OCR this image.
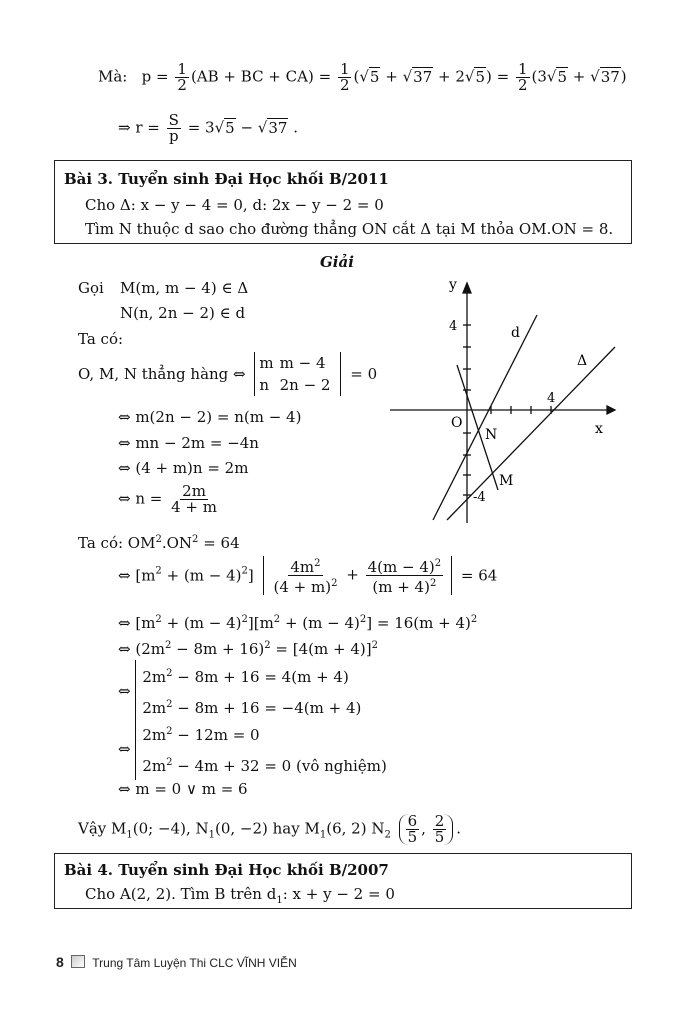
Mà: $p = \frac{1}{2} (AB$ + BC + $CA) = \frac{1}{2} (√5 + √37 + 2√5) = \frac{1}{2} (3√5 + √37)$
⇒ $r = \frac{S}{p} = 3√5 - √37$ .
Bài 3. Tuyển sinh Đại Học khối B/2011
Cho Δ: x − y − 4 = 0, d: 2x − y − 2 = 0
Tìm N thuộc d sao cho đường thẳng ON cắt Δ tại M thỏa OM.ON = 8.
Giải
Gọi M(m, m − 4) ∈ Δ
N(n, 2n − 2) ∈ d
Ta có:
O, M, N thẳng hàng ⇔
m	m − 4
n	2n − 2
= 0
⇔ m(2n − 2) = n(m − 4)
⇔ mn − 2m = −4n
⇔ (4 + m)n = 2m
⇔ $n = \frac{2m}{4 + m}$
Ta có: $OM^2.ON^2 = 64$
⇔ $[m^2 + (m - 4)^2] \frac{4m^2}{(4 + m)^2} + \frac{4(m - 4)^2}{(m + 4)^2} = 64$
⇔ $[m^2 + (m - 4)^2][m^2 + (m - 4)^2] = 16(m + 4)^2$
⇔ $(2m^2 - 8m + 16)^2 = [4(m + 4)]^2$
⇔ $2m^2 - 8m + 16 = 4(m + 4)$
$2m^2 - 8m + 16 = -4(m + 4)$
⇔ $2m^2 - 12m = 0$
$2m^2 - 4m + 32 = 0$ (vô nghiệm)
⇔ m = 0 ∨ m = 6
Vậy $M_1(0$; −4), $N_1(0$, −2) hay $M_1(6$, 2) $N_2 \frac{6}{5}$ , $\frac{2}{5}$ .
y
x
O
d
Δ
N
M
4
4
-4
Bài 4. Tuyển sinh Đại Học khối B/2007
Cho A(2, 2). Tìm B trên $d_1$: x + y − 2 = 0
8 Trung Tâm Luyện Thi CLC VĨNH VIỄN
